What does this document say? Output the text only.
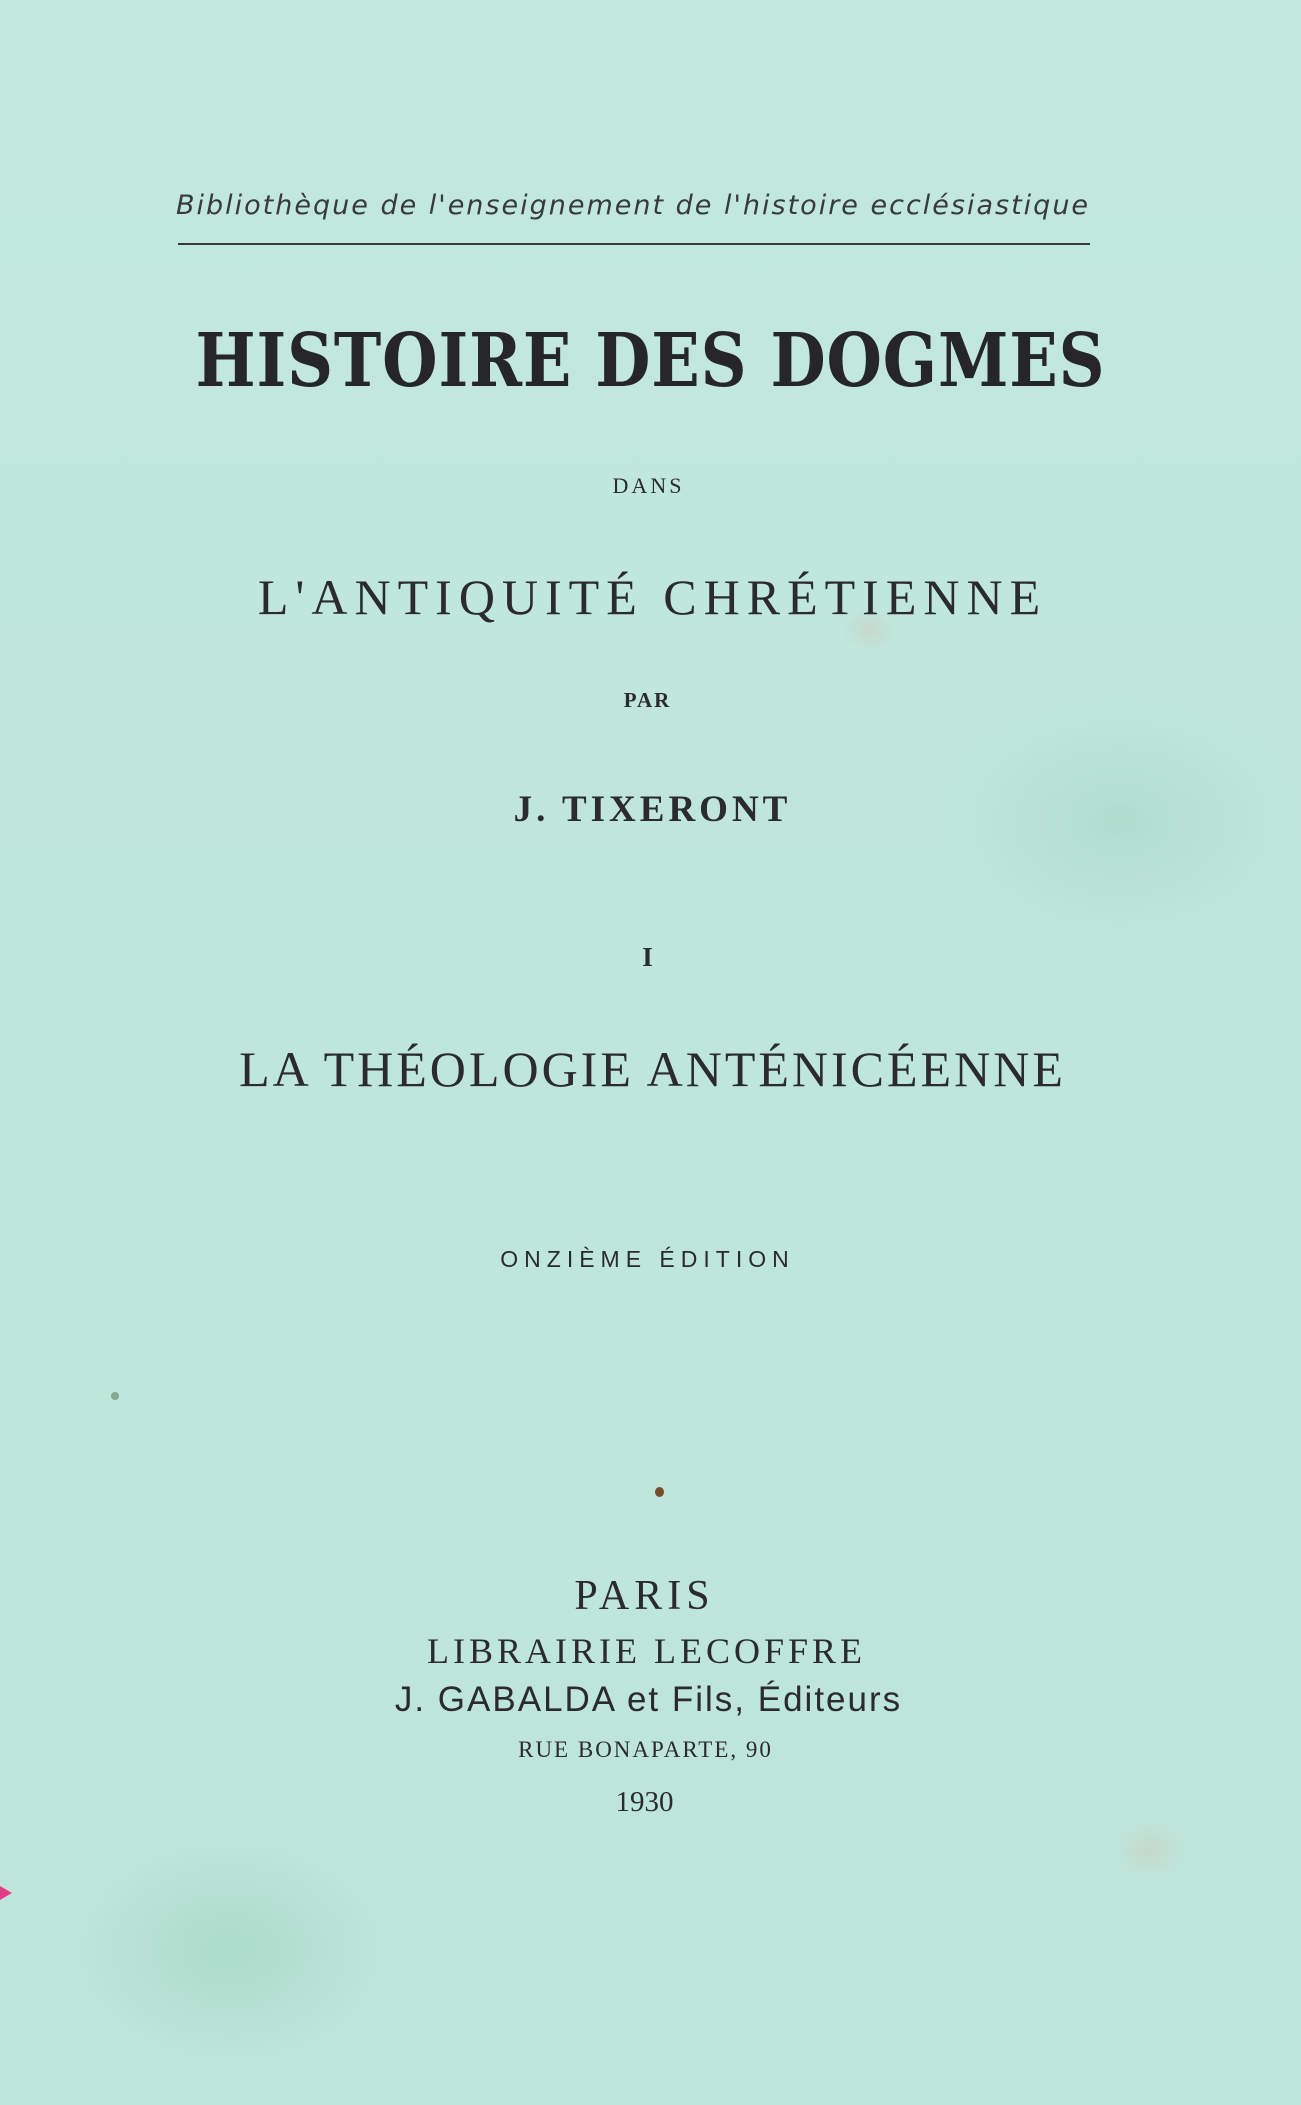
Bibliothèque de l'enseignement de l'histoire ecclésiastique
HISTOIRE DES DOGMES
DANS
L'ANTIQUITÉ CHRÉTIENNE
PAR
J. TIXERONT
I
LA THÉOLOGIE ANTÉNICÉENNE
ONZIÈME ÉDITION
PARIS
LIBRAIRIE LECOFFRE
J. GABALDA et Fils, Éditeurs
RUE BONAPARTE, 90
1930
